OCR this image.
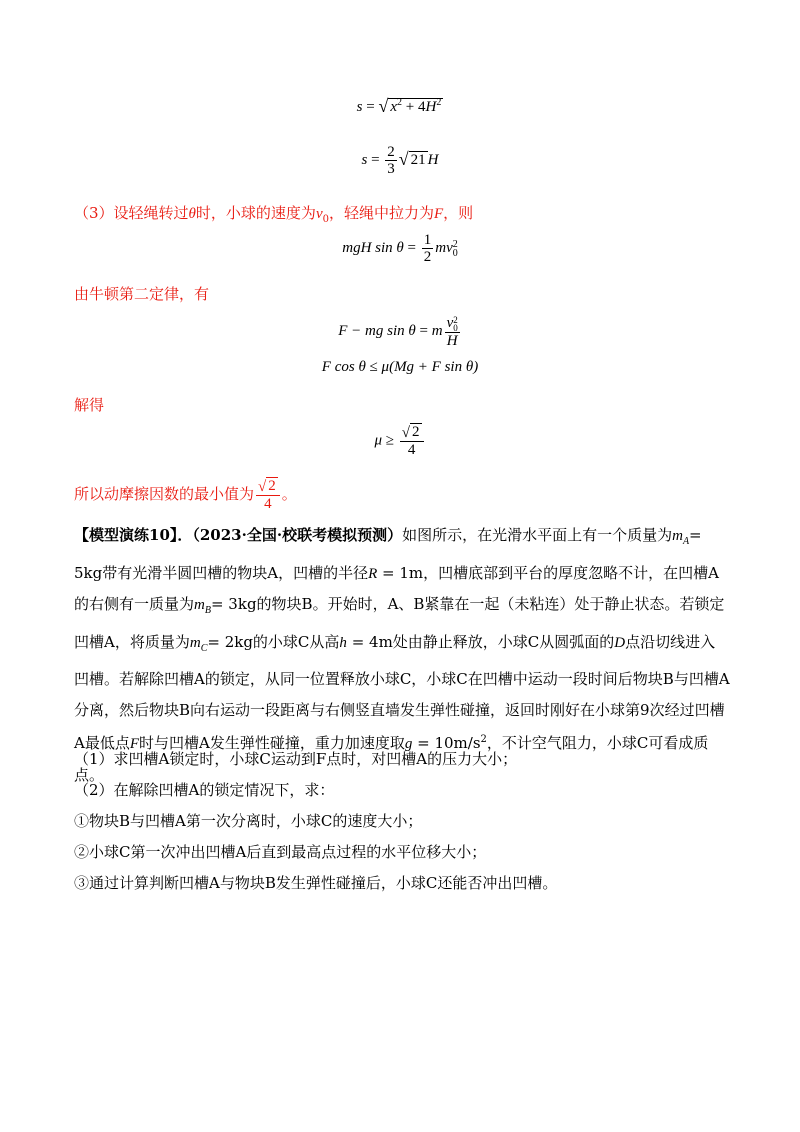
s = √ $x^2 + 4H^2$
$s = \frac{2}{3}$ √ 21 H
（3）设轻绳转过θ时，小球的速度为$v_0$，轻绳中拉力为F，则
mgH $\sin \theta = \frac{1}{2}$ mv 2
0
由牛顿第二定律，有
F − mg sin θ = m v 2
0
H
F cos θ ≤ μ(Mg + F sin θ)
解得
$\mu \ge \frac{√ 2}{4}$
所以动摩擦因数的最小值为 $\frac{√ 2}{4}$ 。
【模型演练10】．（2023·全国·校联考模拟预测）如图所示，在光滑水平面上有一个质量为$m_A= 5kg$带有光滑半圆凹槽的物块A，凹槽的半径R = 1m，凹槽底部到平台的厚度忽略不计，在凹槽A的右侧有一质量为$m_B= 3kg$的物块B。开始时，A、B紧靠在一起（未粘连）处于静止状态。若锁定凹槽A，将质量为$m_C= 2kg$的小球C从高h = 4m处由静止释放，小球C从圆弧面的D点沿切线进入凹槽。若解除凹槽A的锁定，从同一位置释放小球C，小球C在凹槽中运动一段时间后物块B与凹槽A分离，然后物块B向右运动一段距离与右侧竖直墙发生弹性碰撞，返回时刚好在小球第9次经过凹槽A最低点F时与凹槽A发生弹性碰撞，重力加速度取$g = 10m/s^2$，不计空气阻力，小球C可看成质点。
（1）求凹槽A锁定时，小球C运动到F点时，对凹槽A的压力大小；
（2）在解除凹槽A的锁定情况下，求：
①物块B与凹槽A第一次分离时，小球C的速度大小；
②小球C第一次冲出凹槽A后直到最高点过程的水平位移大小；
③通过计算判断凹槽A与物块B发生弹性碰撞后，小球C还能否冲出凹槽。
